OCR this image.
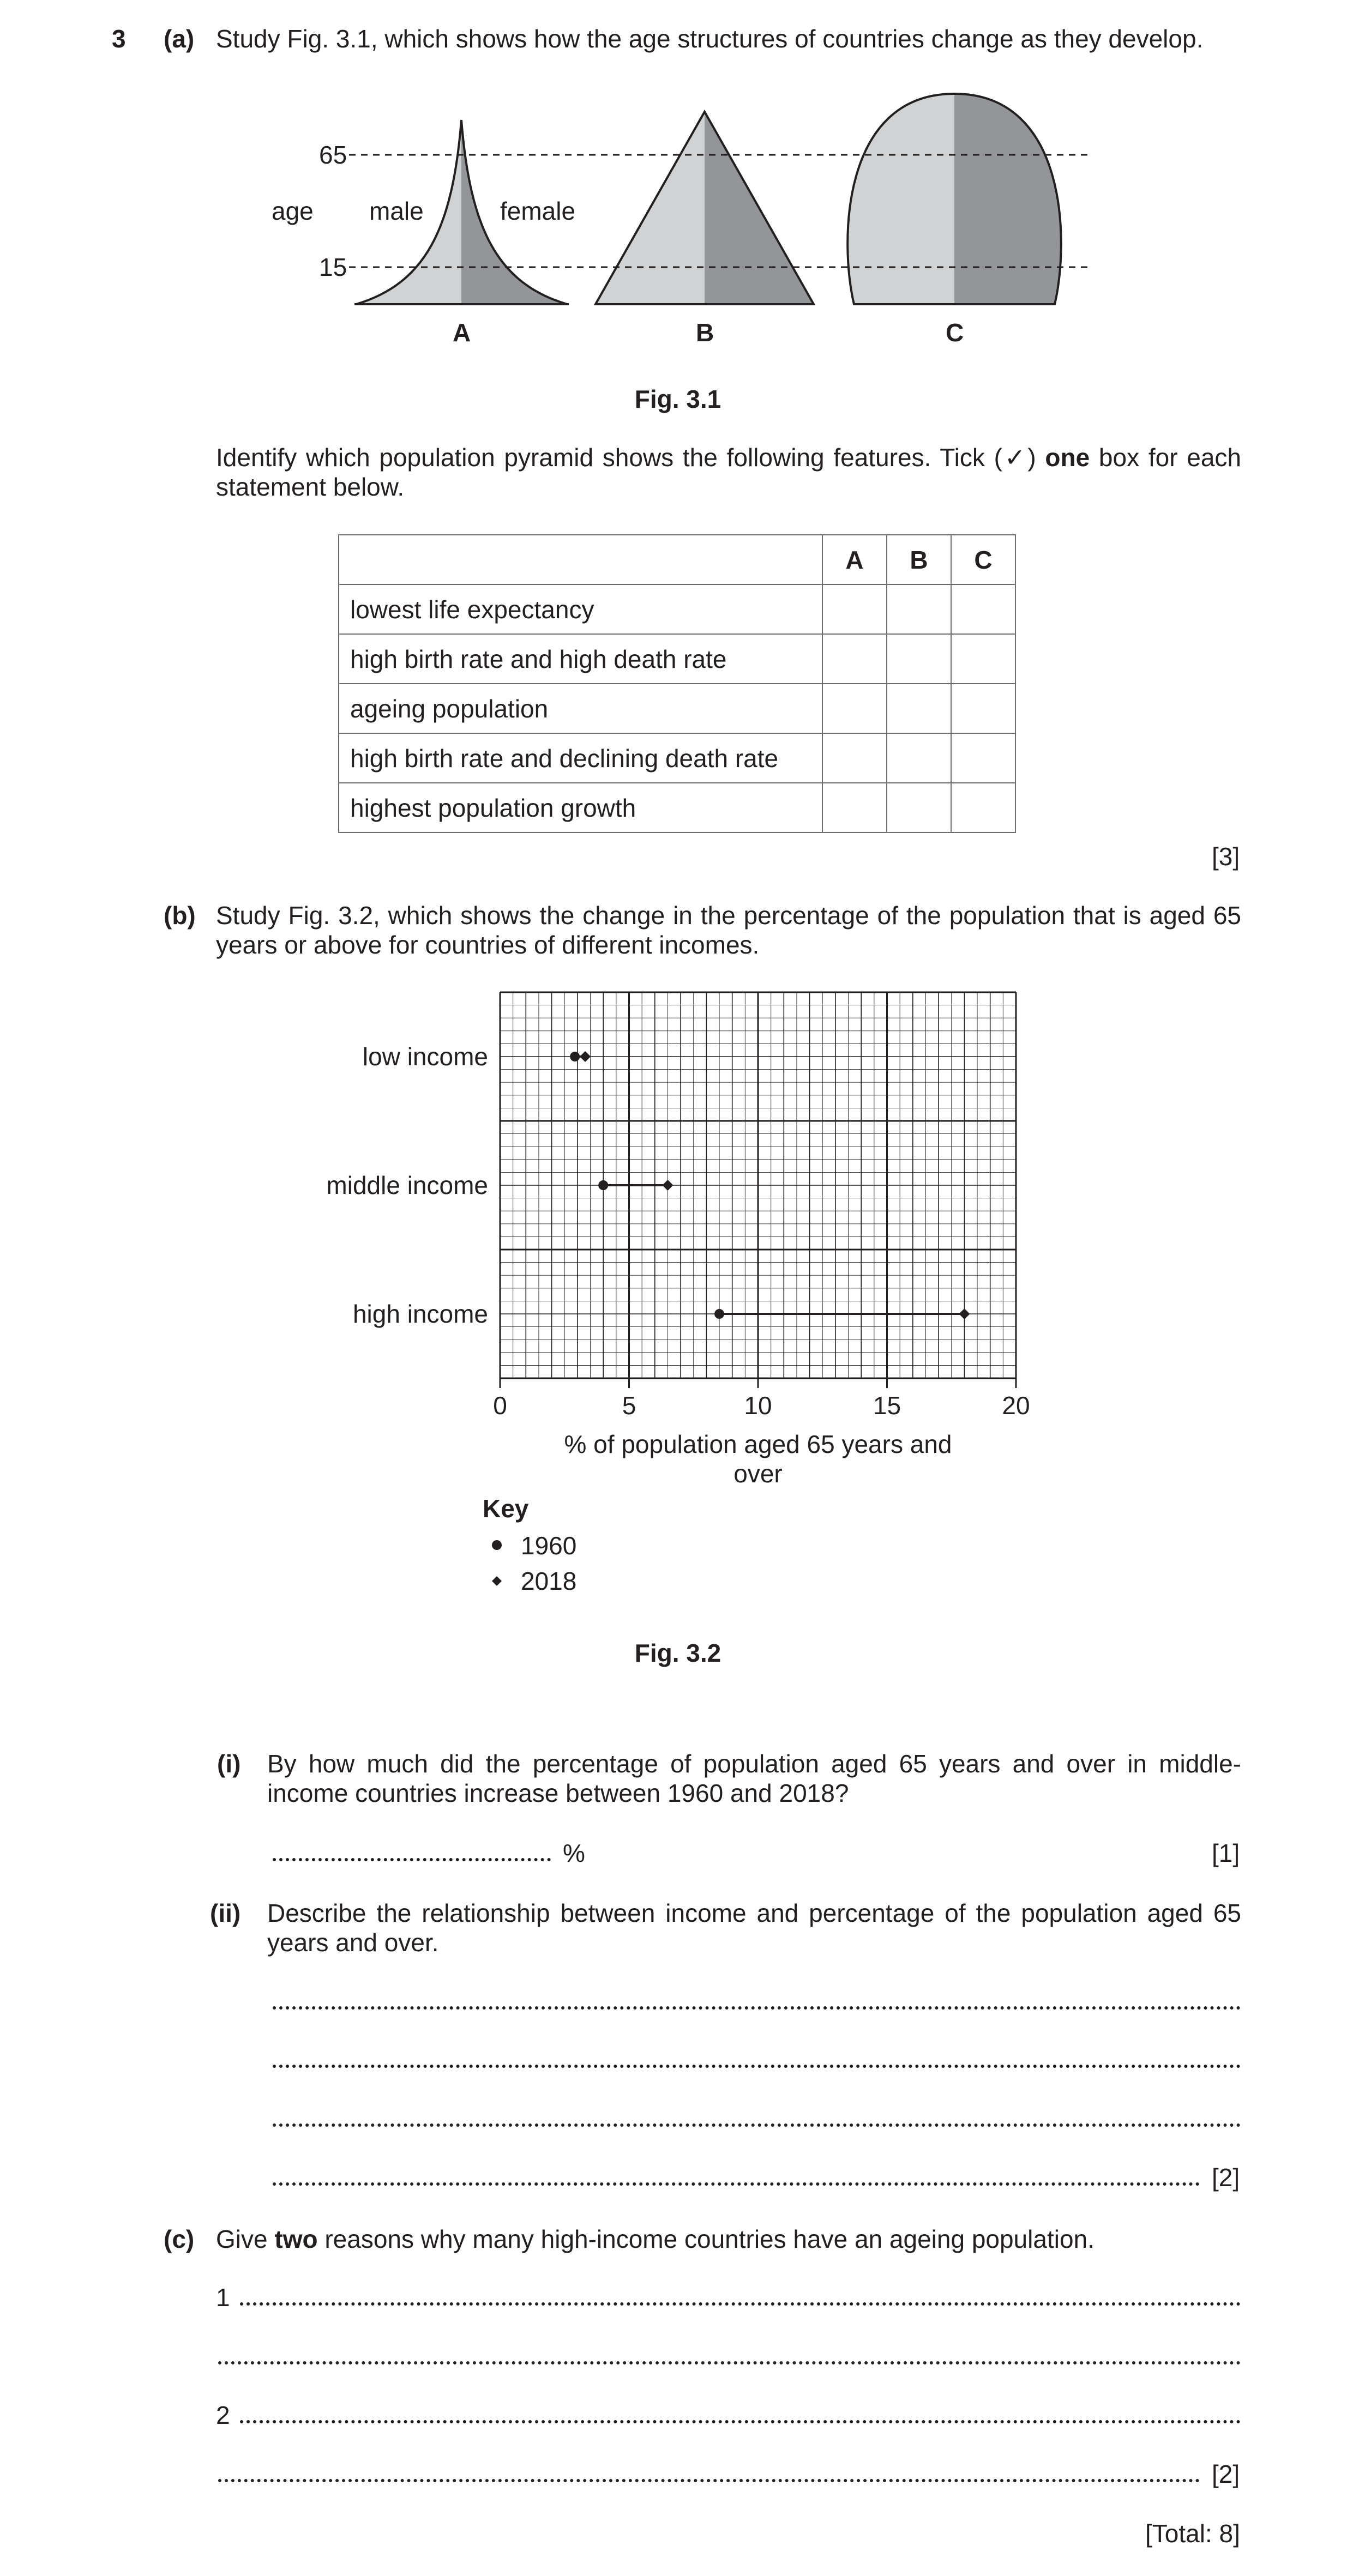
3 (a) Study Fig. 3.1, which shows how the age structures of countries change as they develop.
65
15
age male	female
A	B	C
Fig. 3.1
Identify which population pyramid shows the following features. Tick (✓) one box for each statement below.
	A	B	C
lowest life expectancy			
high birth rate and high death rate			
ageing population			
high birth rate and declining death rate			
highest population growth			
[3]
(b) Study Fig. 3.2, which shows the change in the percentage of the population that is aged 65 years or above for countries of different incomes.
low income
middle income
high income
0	5	10	15	20
% of population aged 65 years and over
Key
1960
2018
Fig. 3.2
(i) By how much did the percentage of population aged 65 years and over in middle-income countries increase between 1960 and 2018?
%	[1]
(ii) Describe the relationship between income and percentage of the population aged 65 years and over.
[2]
(c) Give two reasons why many high-income countries have an ageing population.
1
2
[2]
[Total: 8]
